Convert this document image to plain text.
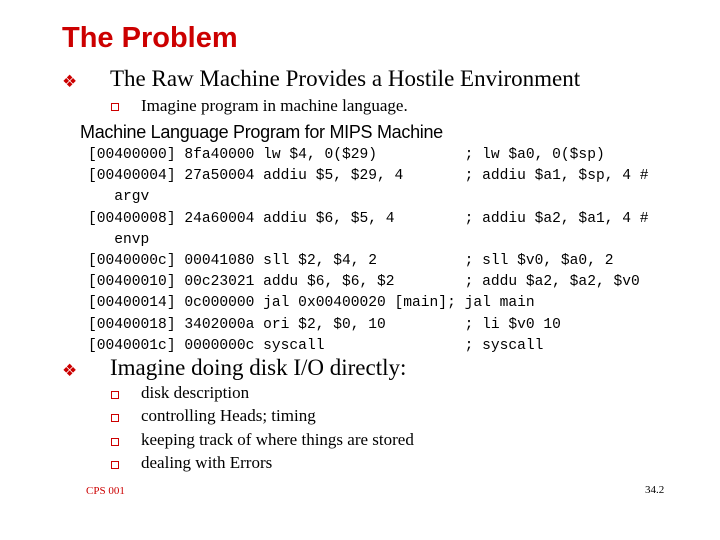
The Problem
❖ The Raw Machine Provides a Hostile Environment
Imagine program in machine language.
Machine Language Program for MIPS Machine
[00400000] 8fa40000 lw $4, 0($29)          ; lw $a0, 0($sp)
[00400004] 27a50004 addiu $5, $29, 4       ; addiu $a1, $sp, 4 #
argv
[00400008] 24a60004 addiu $6, $5, 4        ; addiu $a2, $a1, 4 #
envp
[0040000c] 00041080 sll $2, $4, 2          ; sll $v0, $a0, 2
[00400010] 00c23021 addu $6, $6, $2        ; addu $a2, $a2, $v0
[00400014] 0c000000 jal 0x00400020 [main]; jal main
[00400018] 3402000a ori $2, $0, 10         ; li $v0 10
[0040001c] 0000000c syscall                ; syscall
❖ Imagine doing disk I/O directly:
disk description
controlling Heads; timing
keeping track of where things are stored
dealing with Errors
CPS 001	34.2
